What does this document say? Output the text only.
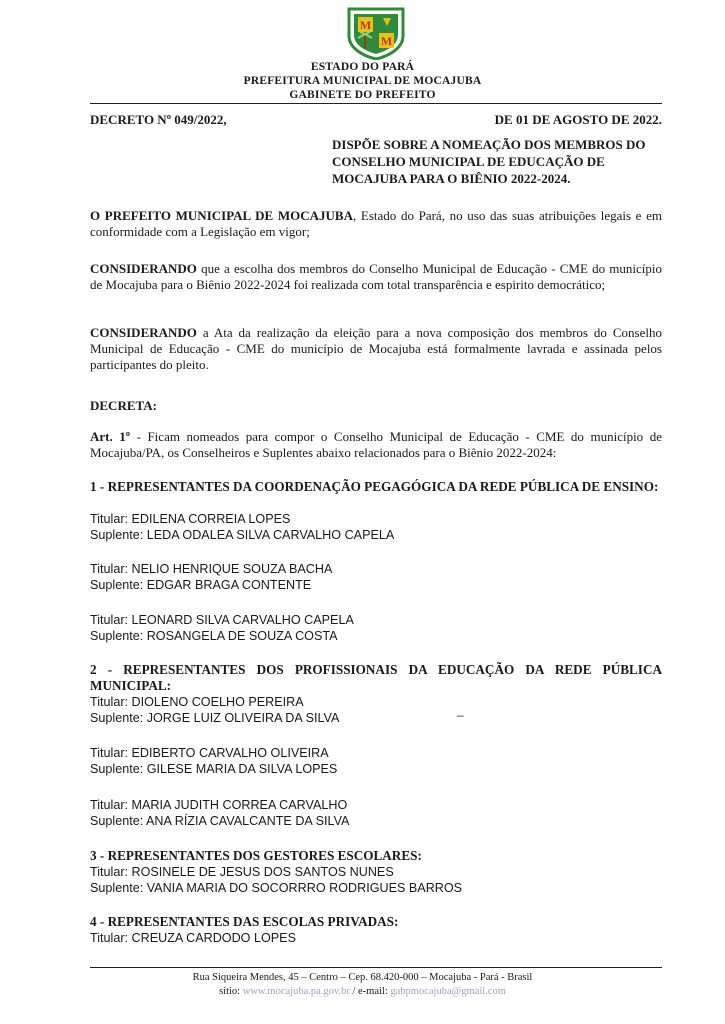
M
M
ESTADO DO PARÁ
PREFEITURA MUNICIPAL DE MOCAJUBA
GABINETE DO PREFEITO
DECRETO Nº 049/2022,	DE 01 DE AGOSTO DE 2022.
DISPÕE SOBRE A NOMEAÇÃO DOS MEMBROS DO CONSELHO MUNICIPAL DE EDUCAÇÃO DE MOCAJUBA PARA O BIÊNIO 2022-2024.
O PREFEITO MUNICIPAL DE MOCAJUBA, Estado do Pará, no uso das suas atribuições legais e em conformidade com a Legislação em vigor;
CONSIDERANDO que a escolha dos membros do Conselho Municipal de Educação - CME do município de Mocajuba para o Biênio 2022-2024 foi realizada com total transparência e espirito democrático;
CONSIDERANDO a Ata da realização da eleição para a nova composição dos membros do Conselho Municipal de Educação - CME do município de Mocajuba está formalmente lavrada e assinada pelos participantes do pleito.
DECRETA:
Art. 1º - Ficam nomeados para compor o Conselho Municipal de Educação - CME do município de Mocajuba/PA, os Conselheiros e Suplentes abaixo relacionados para o Biênio 2022-2024:
1 - REPRESENTANTES DA COORDENAÇÃO PEGAGÓGICA DA REDE PÚBLICA DE ENSINO:
Titular: EDILENA CORREIA LOPES
Suplente: LEDA ODALEA SILVA CARVALHO CAPELA
Titular: NELIO HENRIQUE SOUZA BACHA
Suplente: EDGAR BRAGA CONTENTE
Titular: LEONARD SILVA CARVALHO CAPELA
Suplente: ROSANGELA DE SOUZA COSTA
2 - REPRESENTANTES DOS PROFISSIONAIS DA EDUCAÇÃO DA REDE PÚBLICA MUNICIPAL:
Titular: DIOLENO COELHO PEREIRA
Suplente: JORGE LUIZ OLIVEIRA DA SILVA	–
Titular: EDIBERTO CARVALHO OLIVEIRA
Suplente: GILESE MARIA DA SILVA LOPES
Titular: MARIA JUDITH CORREA CARVALHO
Suplente: ANA RÍZIA CAVALCANTE DA SILVA
3 - REPRESENTANTES DOS GESTORES ESCOLARES:
Titular: ROSINELE DE JESUS DOS SANTOS NUNES
Suplente: VANIA MARIA DO SOCORRRO RODRIGUES BARROS
4 - REPRESENTANTES DAS ESCOLAS PRIVADAS:
Titular: CREUZA CARDODO LOPES
Rua Siqueira Mendes, 45 – Centro – Cep. 68.420-000 – Mocajuba - Pará - Brasil
sítio: www.mocajuba.pa.gov.br / e-mail: gabpmocajuba@gmail.com
